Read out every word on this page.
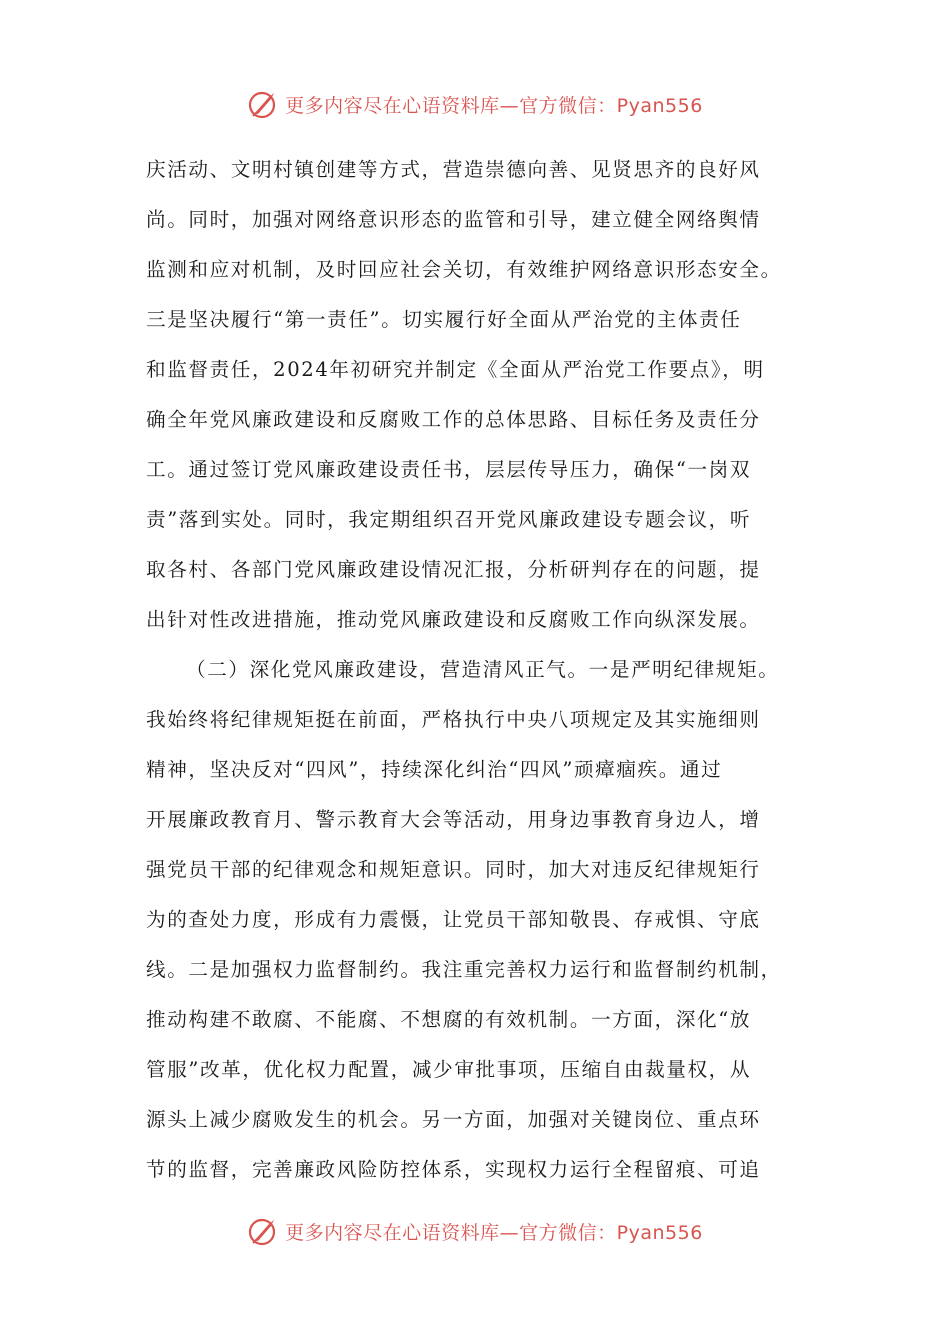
更多内容尽在心语资料库—官方微信：Pyan556
庆活动、文明村镇创建等方式，营造崇德向善、见贤思齐的良好风
尚。同时，加强对网络意识形态的监管和引导，建立健全网络舆情
监测和应对机制，及时回应社会关切，有效维护网络意识形态安全。
三是坚决履行“第一责任”。切实履行好全面从严治党的主体责任
和监督责任，2024年初研究并制定《全面从严治党工作要点》，明
确全年党风廉政建设和反腐败工作的总体思路、目标任务及责任分
工。通过签订党风廉政建设责任书，层层传导压力，确保“一岗双
责”落到实处。同时，我定期组织召开党风廉政建设专题会议，听
取各村、各部门党风廉政建设情况汇报，分析研判存在的问题，提
出针对性改进措施，推动党风廉政建设和反腐败工作向纵深发展。
（二）深化党风廉政建设，营造清风正气。一是严明纪律规矩。
我始终将纪律规矩挺在前面，严格执行中央八项规定及其实施细则
精神，坚决反对“四风”，持续深化纠治“四风”顽瘴痼疾。通过
开展廉政教育月、警示教育大会等活动，用身边事教育身边人，增
强党员干部的纪律观念和规矩意识。同时，加大对违反纪律规矩行
为的查处力度，形成有力震慑，让党员干部知敬畏、存戒惧、守底
线。二是加强权力监督制约。我注重完善权力运行和监督制约机制，
推动构建不敢腐、不能腐、不想腐的有效机制。一方面，深化“放
管服”改革，优化权力配置，减少审批事项，压缩自由裁量权，从
源头上减少腐败发生的机会。另一方面，加强对关键岗位、重点环
节的监督，完善廉政风险防控体系，实现权力运行全程留痕、可追
更多内容尽在心语资料库—官方微信：Pyan556
